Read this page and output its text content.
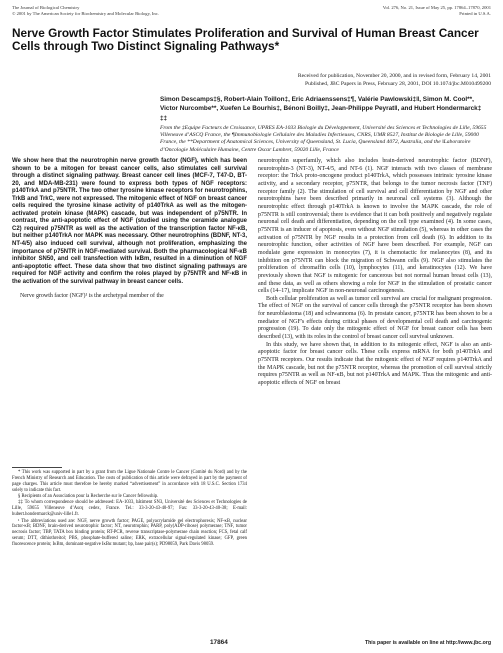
The Journal of Biological Chemistry
© 2001 by The American Society for Biochemistry and Molecular Biology, Inc.
Vol. 276, No. 21, Issue of May 25, pp. 17864–17870, 2001
Printed in U.S.A.
Nerve Growth Factor Stimulates Proliferation and Survival of Human Breast Cancer Cells through Two Distinct Signaling Pathways*
Received for publication, November 20, 2000, and in revised form, February 14, 2001
Published, JBC Papers in Press, February 28, 2001, DOI 10.1074/jbc.M010499200
Simon Descamps‡§, Robert-Alain Toillon‡, Eric Adriaenssens‡¶, Valérie Pawlowski‡‖, Simon M. Cool**, Victor Nurcombe**, Xuefen Le Bourhis‡, Bénoni Boilly‡, Jean-Philippe Peyrat‖, and Hubert Hondermarck‡ ‡‡
From the ‡Equipe Facteurs de Croissance, UPRES EA-1033 Biologie du Développement, Université des Sciences et Technologies de Lille, 59655 Villeneuve d’ASCQ France, the ¶Immunobiologie Cellulaire des Maladies Infectieuses, CNRS, UMR 8527, Institut de Biologie de Lille, 59000 France, the **Department of Anatomical Sciences, University of Queensland, St. Lucia, Queensland 4072, Australia, and the ‖Laboratoire d’Oncologie Moléculaire Humaine, Centre Oscar Lambret, 59020 Lille, France

We show here that the neurotrophin nerve growth factor (NGF), which has been shown to be a mitogen for breast cancer cells, also stimulates cell survival through a distinct signaling pathway. Breast cancer cell lines (MCF-7, T47-D, BT-20, and MDA-MB-231) were found to express both types of NGF receptors: p140TrkA and p75NTR. The two other tyrosine kinase receptors for neurotrophins, TrkB and TrkC, were not expressed. The mitogenic effect of NGF on breast cancer cells required the tyrosine kinase activity of p140TrkA as well as the mitogen-activated protein kinase (MAPK) cascade, but was independent of p75NTR. In contrast, the anti-apoptotic effect of NGF (studied using the ceramide analogue C2) required p75NTR as well as the activation of the transcription factor NF-κB, but neither p140TrkA nor MAPK was necessary. Other neurotrophins (BDNF, NT-3, NT-4/5) also induced cell survival, although not proliferation, emphasizing the importance of p75NTR in NGF-mediated survival. Both the pharmacological NF-κB inhibitor SN50, and cell transfection with IκBm, resulted in a diminution of NGF anti-apoptotic effect. These data show that two distinct signaling pathways are required for NGF activity and confirm the roles played by p75NTR and NF-κB in the activation of the survival pathway in breast cancer cells.

Nerve growth factor (NGF)¹ is the archetypal member of the

neurotrophin superfamily, which also includes brain-derived neurotrophic factor (BDNF), neurotrophin-3 (NT-3), NT-4/5, and NT-6 (1). NGF interacts with two classes of membrane receptor: the TrkA proto-oncogene product p140TrkA, which possesses intrinsic tyrosine kinase activity, and a secondary receptor, p75NTR, that belongs to the tumor necrosis factor (TNF) receptor family (2). The stimulation of cell survival and cell differentiation by NGF and other neurotrophins have been described primarily in neuronal cell systems (3). Although the neurotrophic effect through p140TrkA is known to involve the MAPK cascade, the role of p75NTR is still controversial; there is evidence that it can both positively and negatively regulate neuronal cell death and differentiation, depending on the cell type examined (4). In some cases, p75NTR is an inducer of apoptosis, even without NGF stimulation (5), whereas in other cases the activation of p75NTR by NGF results in a protection from cell death (6). In addition to its neurotrophic function, other activities of NGF have been described. For example, NGF can modulate gene expression in monocytes (7), it is chemotactic for melanocytes (8), and its inhibition on p75NTR can block the migration of Schwann cells (9). NGF also stimulates the proliferation of chromaffin cells (10), lymphocytes (11), and keratinocytes (12). We have previously shown that NGF is mitogenic for cancerous but not normal human breast cells (13), and these data, as well as others showing a role for NGF in the stimulation of prostatic cancer cells (14–17), implicate NGF in non-neuronal carcinogenesis.

Both cellular proliferation as well as tumor cell survival are crucial for malignant progression. The effect of NGF on the survival of cancer cells through the p75NTR receptor has been shown for neuroblastoma (18) and schwannoma (6). In prostate cancer, p75NTR has been shown to be a mediator of NGF's effects during critical phases of developmental cell death and carcinogenic progression (19). To date only the mitogenic effect of NGF for breast cancer cells has been described (13), with its roles in the control of breast cancer cell survival unknown.

In this study, we have shown that, in addition to its mitogenic effect, NGF is also an anti-apoptotic factor for breast cancer cells. These cells express mRNA for both p140TrkA and p75NTR receptors. Our results indicate that the mitogenic effect of NGF requires p140TrkA and the MAPK cascade, but not the p75NTR receptor, whereas the promotion of cell survival strictly requires p75NTR as well as NF-κB, but not p140TrkA and MAPK. Thus the mitogenic and anti-apoptotic effects of NGF on breast

* This work was supported in part by a grant from the Ligue Nationale Contre le Cancer (Comité du Nord) and by the French Ministry of Research and Education. The costs of publication of this article were defrayed in part by the payment of page charges. This article must therefore be hereby marked “advertisement” in accordance with 18 U.S.C. Section 1734 solely to indicate this fact.

§ Recipients of an Association pour la Recherche sur le Cancer fellowship.

‡‡ To whom correspondence should be addressed: EA-1033, bâtiment SN3, Université des Sciences et Technologies de Lille, 59655 Villeneuve d’Ascq cedex, France. Tel.: 33-3-20-43-40-97; Fax: 33-3-20-43-40-38; E-mail: hubert.hondermarck@univ-lille1.fr.

¹ The abbreviations used are: NGF, nerve growth factor; PAGE, polyacrylamide gel electrophoresis; NF-κB, nuclear factor-κB; BDNF, brain-derived neurotrophic factor; NT, neurotrophin; PARP, poly(ADP-ribose) polymerase; TNF, tumor necrosis factor; TBP, TATA box binding protein; RT-PCR, reverse transcriptase-polymerase chain reaction; FCS, fetal calf serum; DTT, dithiothreitol; PBS, phosphate-buffered saline; ERK, extracellular signal-regulated kinase; GFP, green fluorescence protein; IκBm, dominant-negative IκBα mutant; bp, base pair(s); PD98059, Park Davis 98059.

17864	This paper is available on line at http://www.jbc.org
